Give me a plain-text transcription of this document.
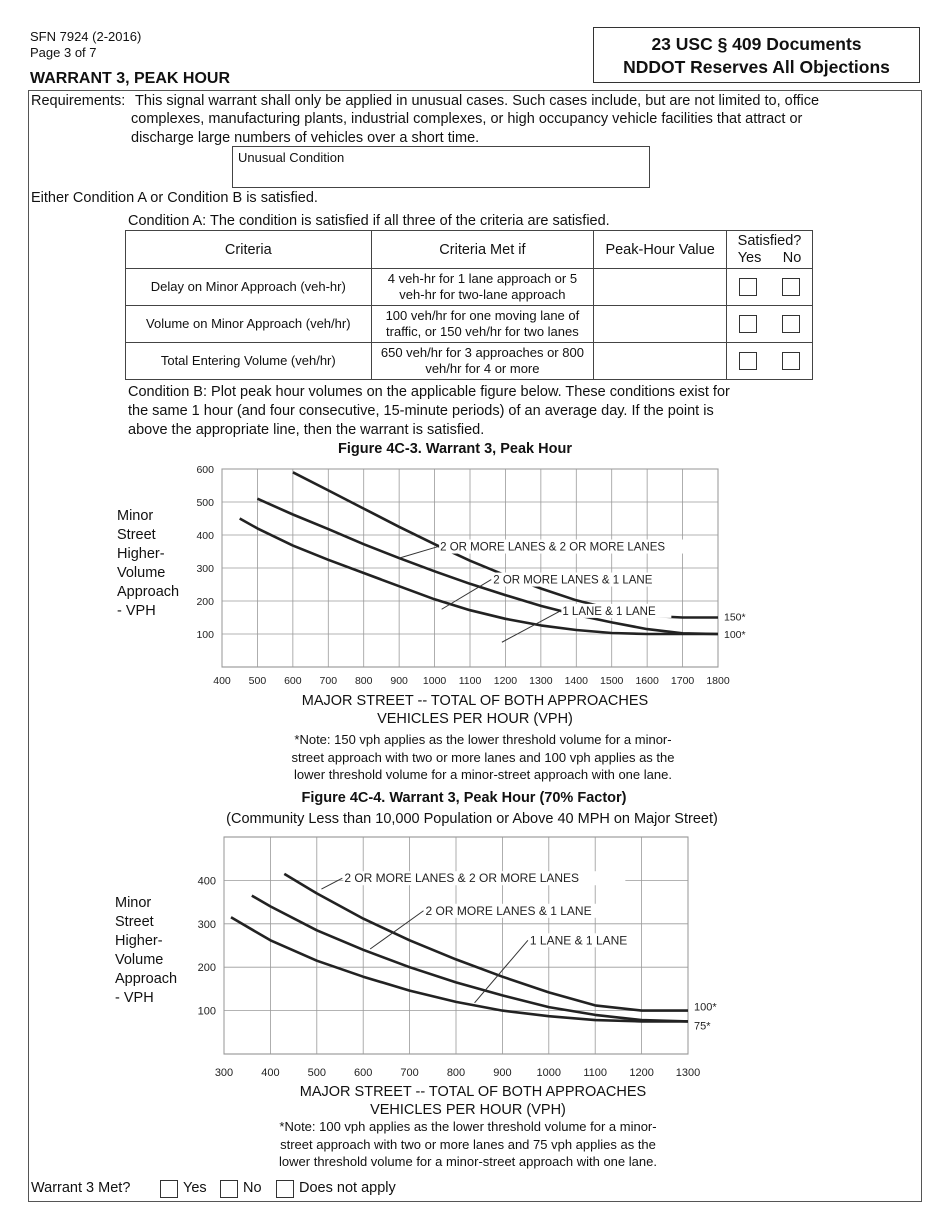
SFN 7924 (2-2016)
Page 3 of 7
WARRANT 3, PEAK HOUR
23 USC § 409 Documents
NDDOT Reserves All Objections
Requirements: This signal warrant shall only be applied in unusual cases. Such cases include, but are not limited to, office
complexes, manufacturing plants, industrial complexes, or high occupancy vehicle facilities that attract or
discharge large numbers of vehicles over a short time.
Unusual Condition
Either Condition A or Condition B is satisfied.
Condition A: The condition is satisfied if all three of the criteria are satisfied.
Criteria	Criteria Met if	Peak-Hour Value	Satisfied?
Yes No	

Delay on Minor Approach (veh-hr)	4 veh-hr for 1 lane approach or 5
veh-hr for two-lane approach			

Volume on Minor Approach (veh/hr)	100 veh/hr for one moving lane of
traffic, or 150 veh/hr for two lanes			

Total Entering Volume (veh/hr)	650 veh/hr for 3 approaches or 800
veh/hr for 4 or more			

Condition B: Plot peak hour volumes on the applicable figure below. These conditions exist for
the same 1 hour (and four consecutive, 15-minute periods) of an average day. If the point is
above the appropriate line, then the warrant is satisfied.
Figure 4C-3. Warrant 3, Peak Hour
Minor
Street
Higher-
Volume
Approach
- VPH
400 500 600 700 800 900 1000 1100 1200 1300 1400 1500 1600 1700 1800
100
200
300
400
500
600
2 OR MORE LANES & 2 OR MORE LANES
2 OR MORE LANES & 1 LANE
1 LANE & 1 LANE	150*
100*
MAJOR STREET -- TOTAL OF BOTH APPROACHES
VEHICLES PER HOUR (VPH)
*Note: 150 vph applies as the lower threshold volume for a minor-
street approach with two or more lanes and 100 vph applies as the
lower threshold volume for a minor-street approach with one lane.
Figure 4C-4. Warrant 3, Peak Hour (70% Factor)
(Community Less than 10,000 Population or Above 40 MPH on Major Street)
Minor
Street
Higher-
Volume
Approach
- VPH
300	400	500	600	700	800	900 1000 1100 1200 1300
100
200
300
400	2 OR MORE LANES & 2 OR MORE LANES
2 OR MORE LANES & 1 LANE
1 LANE & 1 LANE
100*
75*
MAJOR STREET -- TOTAL OF BOTH APPROACHES
VEHICLES PER HOUR (VPH)
*Note: 100 vph applies as the lower threshold volume for a minor-
street approach with two or more lanes and 75 vph applies as the
lower threshold volume for a minor-street approach with one lane.
Warrant 3 Met?	Yes	No	Does not apply
